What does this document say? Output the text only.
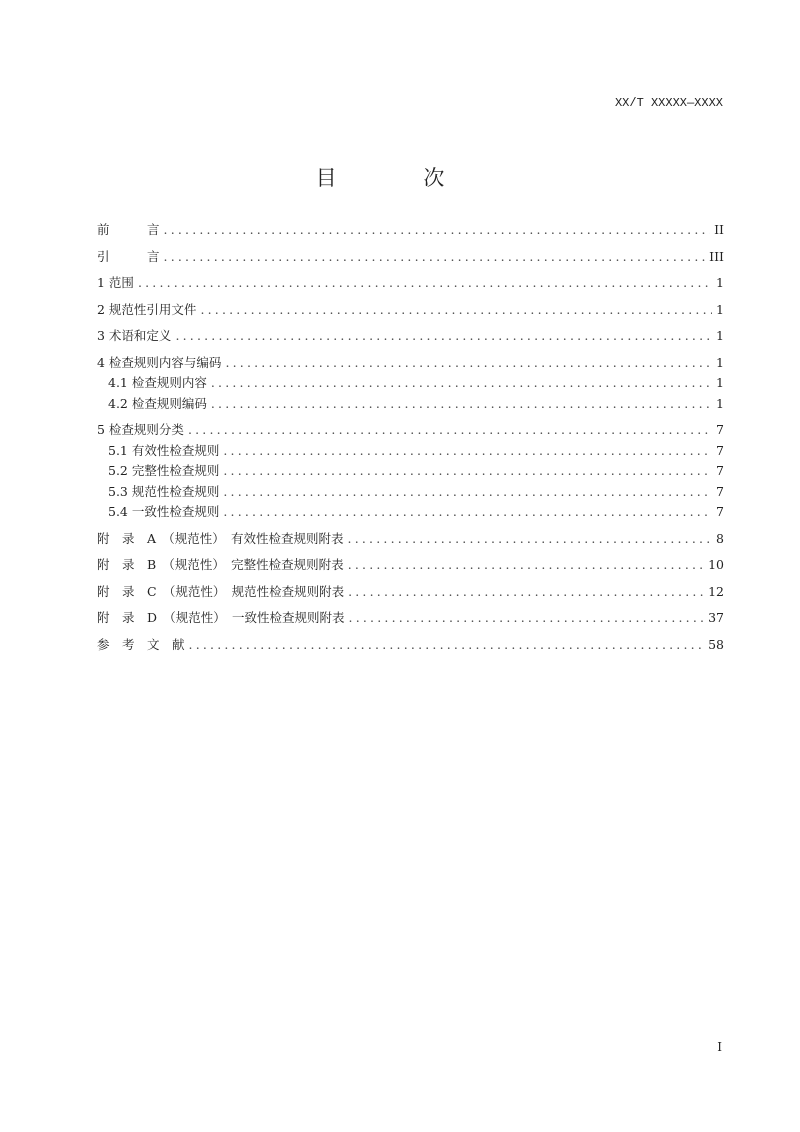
XX/T XXXXX—XXXX
目 次
前　　　言 .....	II
引　　　言 .....	III
1 范围 .....	1
2 规范性引用文件 .....	1
3 术语和定义 .....	1
4 检查规则内容与编码 .....	1
4.1 检查规则内容 .....	1
4.2 检查规则编码 .....	1
5 检查规则分类 .....	7
5.1 有效性检查规则 .....	7
5.2 完整性检查规则 .....	7
5.3 规范性检查规则 .....	7
5.4 一致性检查规则 .....	7
附　录　A　（规范性）　有效性检查规则附表 .....	8
附　录　B　（规范性）　完整性检查规则附表 .....	10
附　录　C　（规范性）　规范性检查规则附表 .....	12
附　录　D　（规范性）　一致性检查规则附表 .....	37
参　考　文　献 .....	58
I
